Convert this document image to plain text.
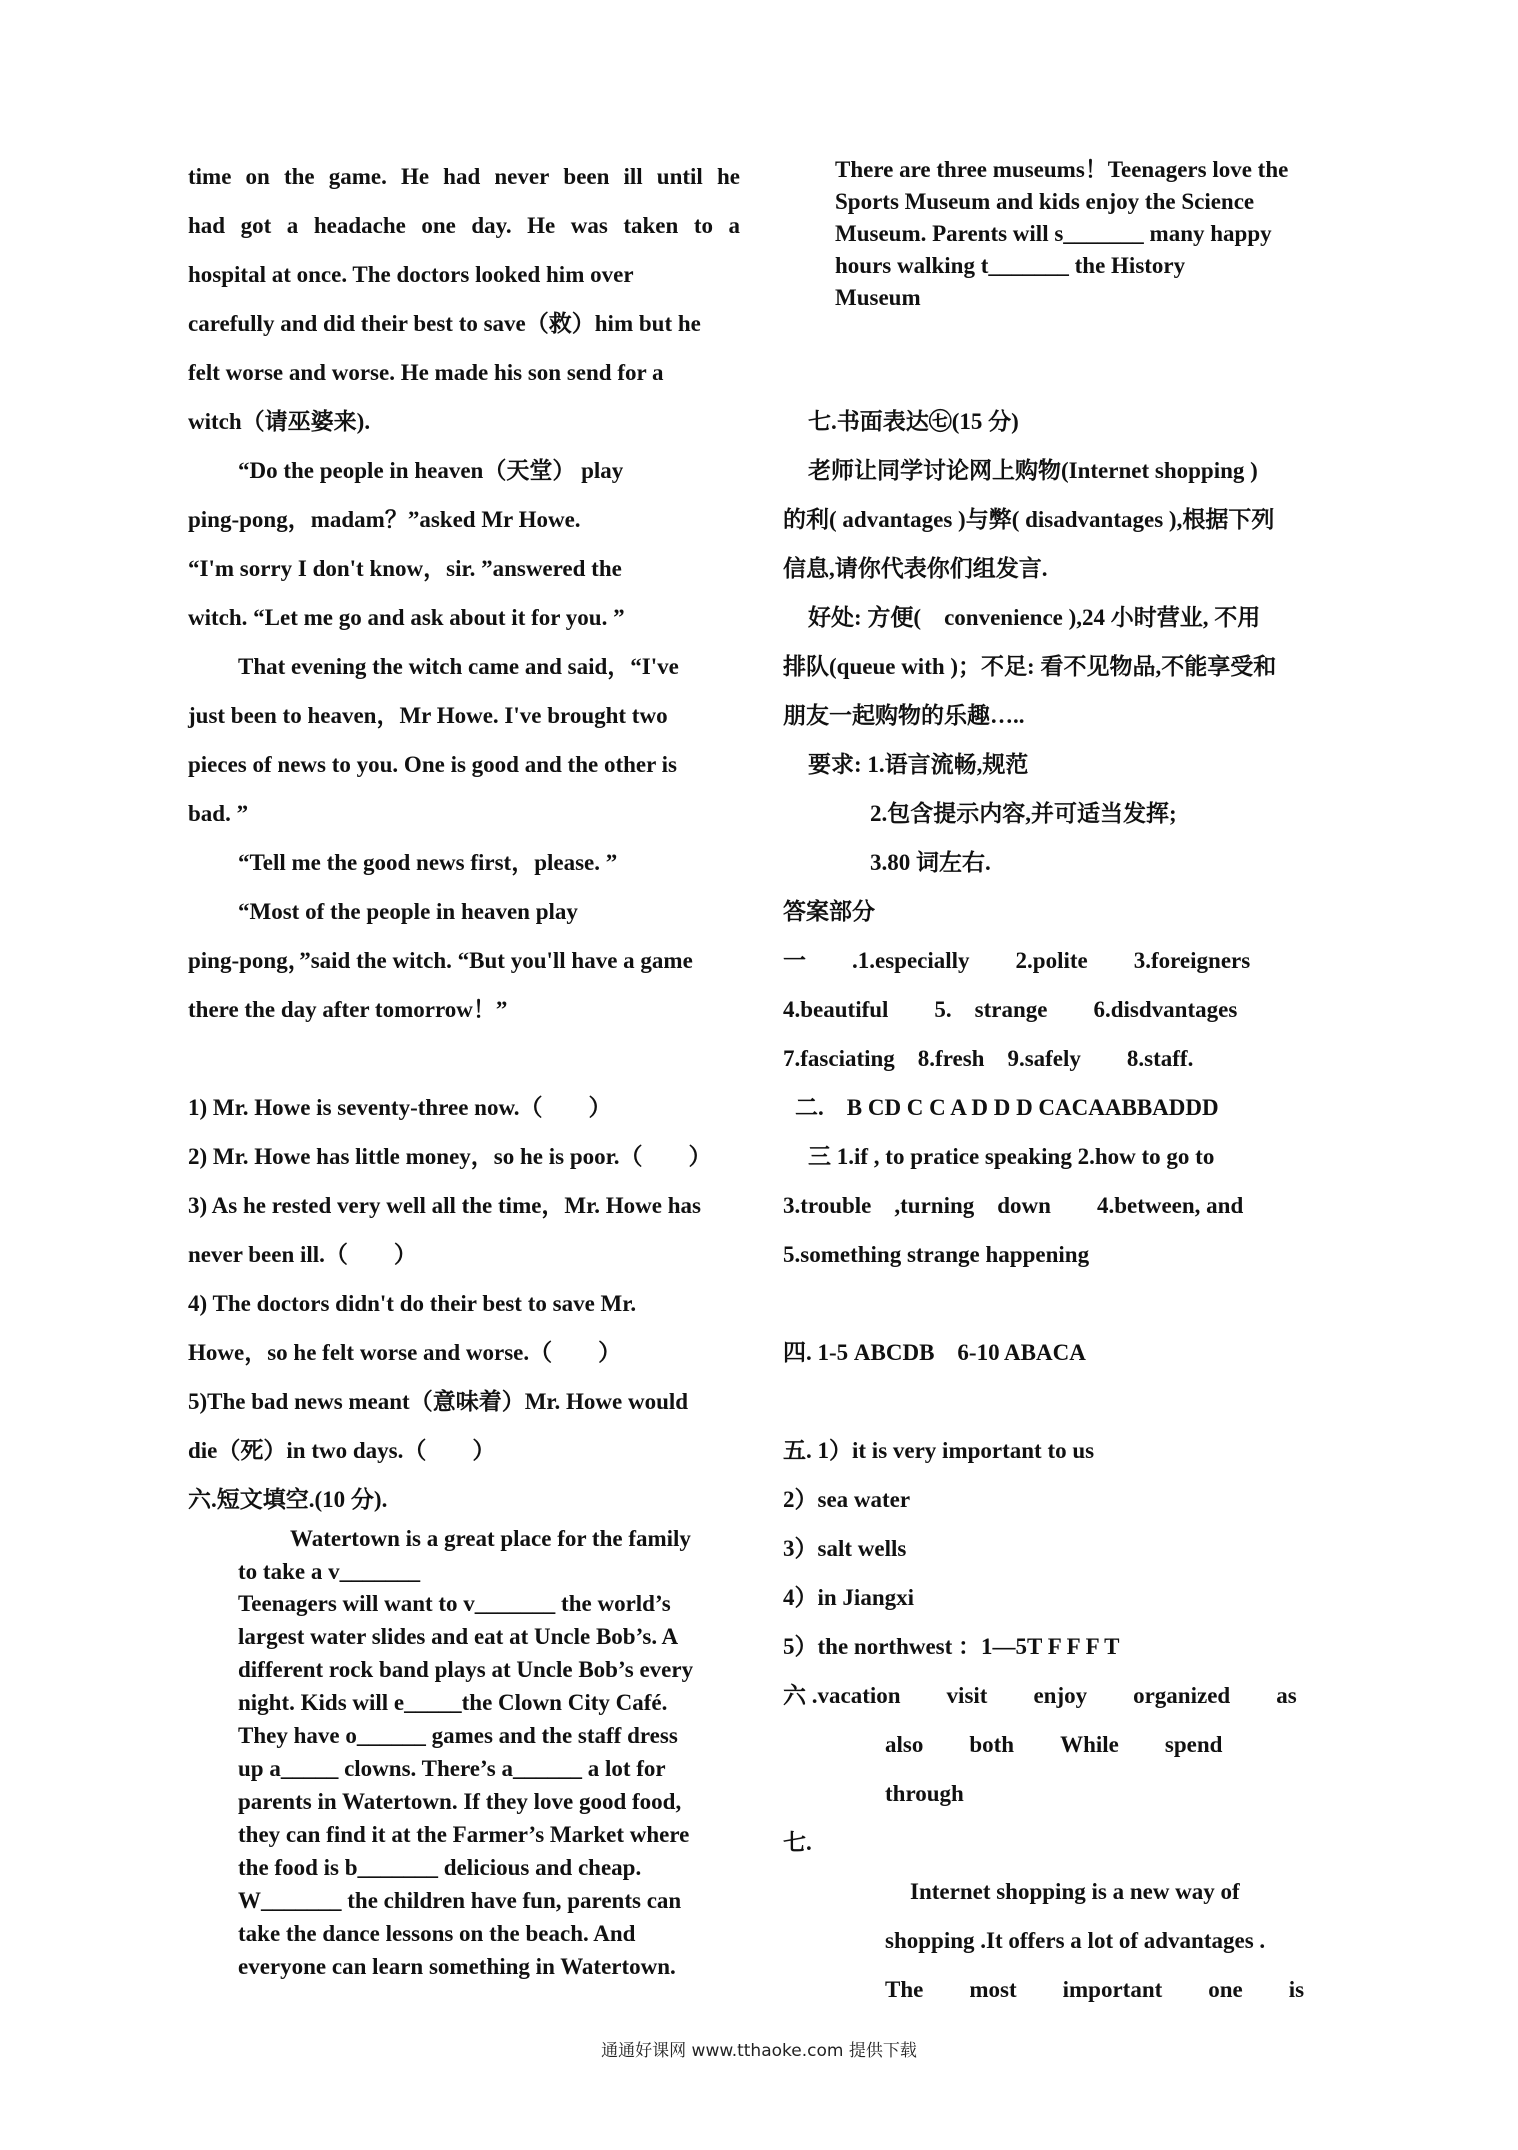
time on the game. He had never been ill until he
had got a headache one day. He was taken to a
hospital at once. The doctors looked him over
carefully and did their best to save（救）him but he
felt worse and worse. He made his son send for a
witch（请巫婆来).
“Do the people in heaven（天堂） play
ping-pong，madam？”asked Mr Howe.
“I'm sorry I don't know，sir. ”answered the
witch. “Let me go and ask about it for you. ”
That evening the witch came and said，“I've
just been to heaven，Mr Howe. I've brought two
pieces of news to you. One is good and the other is
bad. ”
“Tell me the good news first，please. ”
“Most of the people in heaven play
ping-pong，”said the witch. “But you'll have a game
there the day after tomorrow！”
1) Mr. Howe is seventy-three now.（　　）
2) Mr. Howe has little money，so he is poor.（　　）
3) As he rested very well all the time，Mr. Howe has
never been ill.（　　）
4) The doctors didn't do their best to save Mr.
Howe，so he felt worse and worse.（　　）
5)The bad news meant（意味着）Mr. Howe would
die（死）in two days.（　　）
六.短文填空.(10 分).
Watertown is a great place for the family
to take a v_______
Teenagers will want to v_______ the world’s
largest water slides and eat at Uncle Bob’s. A
different rock band plays at Uncle Bob’s every
night. Kids will e_____the Clown City Café.
They have o______ games and the staff dress
up a_____ clowns. There’s a______ a lot for
parents in Watertown. If they love good food,
they can find it at the Farmer’s Market where
the food is b_______ delicious and cheap.
W_______ the children have fun, parents can
take the dance lessons on the beach. And
everyone can learn something in Watertown.
There are three museums！Teenagers love the
Sports Museum and kids enjoy the Science
Museum. Parents will s_______ many happy
hours walking t_______ the History
Museum
七.书面表达㊆(15 分)
老师让同学讨论网上购物(Internet shopping )
的利( advantages )与弊( disadvantages ),根据下列
信息,请你代表你们组发言.
好处: 方便(　convenience ),24 小时营业, 不用
排队(queue with )；不足: 看不见物品,不能享受和
朋友一起购物的乐趣…..
要求: 1.语言流畅,规范
2.包含提示内容,并可适当发挥;
3.80 词左右.
答案部分
一　　.1.especially　　2.polite　　3.foreigners
4.beautiful　　5.　strange　　6.disdvantages
7.fasciating　8.fresh　9.safely　　8.staff.
二.　B CD C C A D D D CACAABBADDD
三 1.if , to pratice speaking 2.how to go to
3.trouble　,turning　down　　4.between, and
5.something strange happening
四. 1-5 ABCDB　6-10 ABACA
五. 1）it is very important to us
2）sea water
3）salt wells
4）in Jiangxi
5）the northwest ：1—5T F F F T
六 .vacation　　visit　　enjoy　　organized　　as
also　　both　　While　　spend
through
七.
Internet shopping is a new way of
shopping .It offers a lot of advantages .
The　　most　　important　　one　　is
通通好课网 www.tthaoke.com 提供下载
